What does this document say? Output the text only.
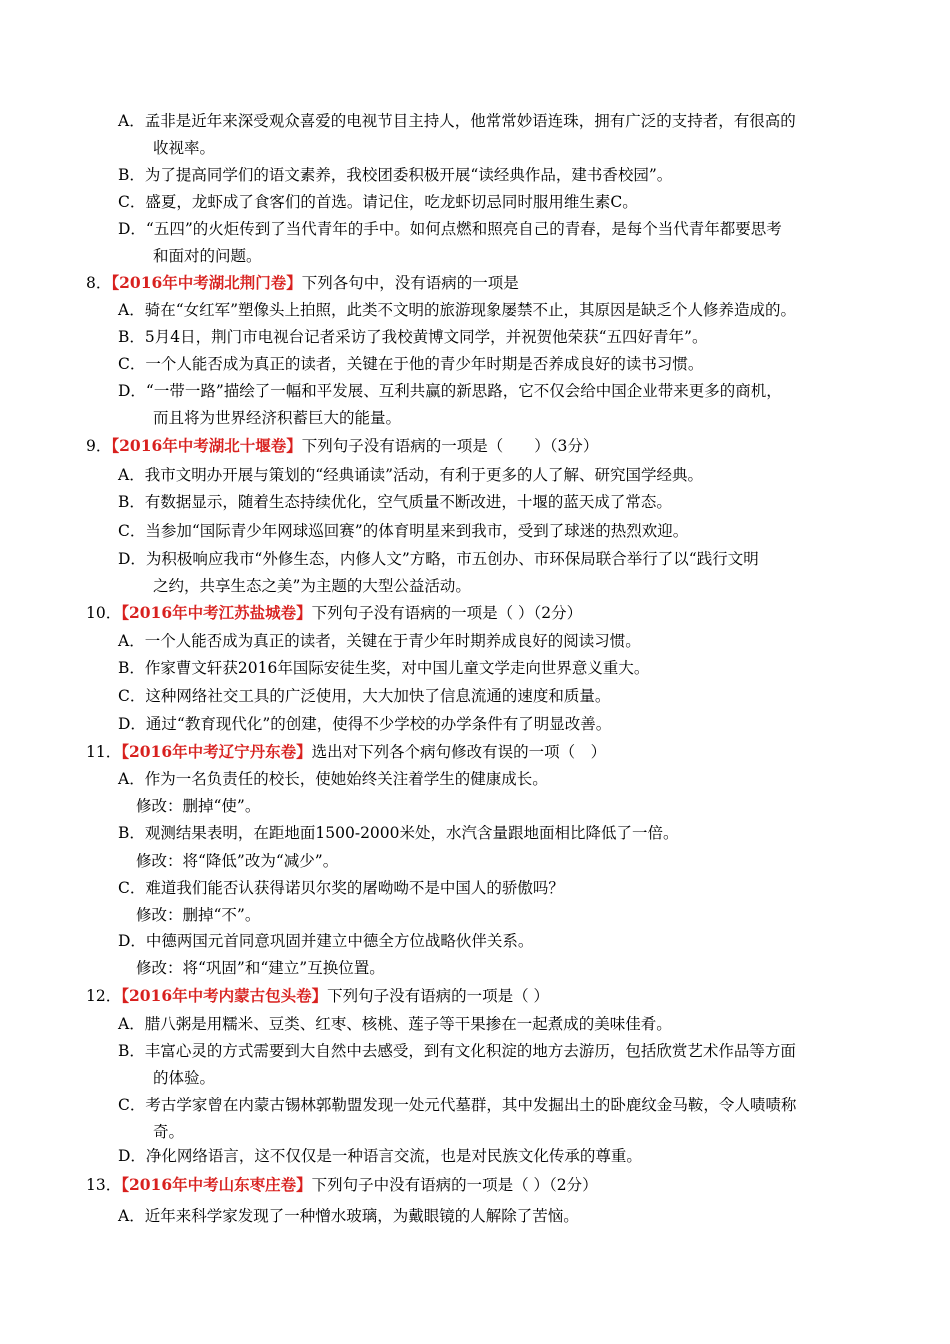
A．孟非是近年来深受观众喜爱的电视节目主持人，他常常妙语连珠，拥有广泛的支持者，有很高的
收视率。
B．为了提高同学们的语文素养，我校团委积极开展“读经典作品，建书香校园”。
C．盛夏，龙虾成了食客们的首选。请记住，吃龙虾切忌同时服用维生素C。
D．“五四”的火炬传到了当代青年的手中。如何点燃和照亮自己的青春，是每个当代青年都要思考
和面对的问题。
8．【2016年中考湖北荆门卷】下列各句中，没有语病的一项是
A．骑在“女红军”塑像头上拍照，此类不文明的旅游现象屡禁不止，其原因是缺乏个人修养造成的。
B．5月4日，荆门市电视台记者采访了我校黄博文同学，并祝贺他荣获“五四好青年”。
C．一个人能否成为真正的读者，关键在于他的青少年时期是否养成良好的读书习惯。
D．“一带一路”描绘了一幅和平发展、互利共赢的新思路，它不仅会给中国企业带来更多的商机，
而且将为世界经济积蓄巨大的能量。
9．【2016年中考湖北十堰卷】下列句子没有语病的一项是（　　）（3分）
A．我市文明办开展与策划的“经典诵读”活动，有利于更多的人了解、研究国学经典。
B．有数据显示，随着生态持续优化，空气质量不断改进，十堰的蓝天成了常态。
C．当参加“国际青少年网球巡回赛”的体育明星来到我市，受到了球迷的热烈欢迎。
D．为积极响应我市“外修生态，内修人文”方略，市五创办、市环保局联合举行了以“践行文明
之约，共享生态之美”为主题的大型公益活动。
10．【2016年中考江苏盐城卷】下列句子没有语病的一项是（ ）（2分）
A．一个人能否成为真正的读者，关键在于青少年时期养成良好的阅读习惯。
B．作家曹文轩获2016年国际安徒生奖，对中国儿童文学走向世界意义重大。
C．这种网络社交工具的广泛使用，大大加快了信息流通的速度和质量。
D．通过“教育现代化”的创建，使得不少学校的办学条件有了明显改善。
11．【2016年中考辽宁丹东卷】选出对下列各个病句修改有误的一项（　）
A．作为一名负责任的校长，使她始终关注着学生的健康成长。
修改：删掉“使”。
B．观测结果表明，在距地面1500-2000米处，水汽含量跟地面相比降低了一倍。
修改：将“降低”改为“减少”。
C．难道我们能否认获得诺贝尔奖的屠呦呦不是中国人的骄傲吗？
修改：删掉“不”。
D．中德两国元首同意巩固并建立中德全方位战略伙伴关系。
修改：将“巩固”和“建立”互换位置。
12．【2016年中考内蒙古包头卷】下列句子没有语病的一项是（ ）
A．腊八粥是用糯米、豆类、红枣、核桃、莲子等干果掺在一起煮成的美味佳肴。
B．丰富心灵的方式需要到大自然中去感受，到有文化积淀的地方去游历，包括欣赏艺术作品等方面
的体验。
C．考古学家曾在内蒙古锡林郭勒盟发现一处元代墓群，其中发掘出土的卧鹿纹金马鞍，令人啧啧称
奇。
D．净化网络语言，这不仅仅是一种语言交流，也是对民族文化传承的尊重。
13．【2016年中考山东枣庄卷】下列句子中没有语病的一项是（ ）（2分）
A．近年来科学家发现了一种憎水玻璃，为戴眼镜的人解除了苦恼。
